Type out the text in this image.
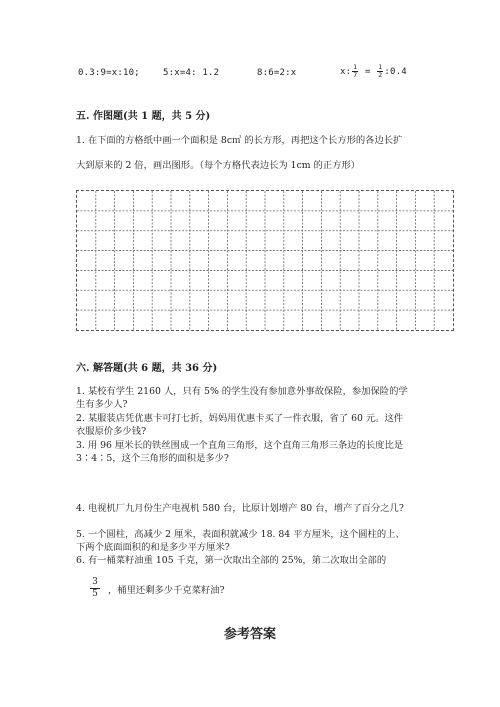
0.3:9=x:10;	5:x=4: 1.2	8:6=2:x	x: $\frac{1}{7} = \frac{1}{2}$ :0.4
五. 作图题(共 1 题，共 5 分)
1. 在下面的方格纸中画一个面积是 8c㎡ 的长方形，再把这个长方形的各边长扩
大到原来的 2 倍，画出图形。（每个方格代表边长为 1cm 的正方形）
六. 解答题(共 6 题，共 36 分)
1. 某校有学生 2160 人，只有 5% 的学生没有参加意外事故保险，参加保险的学
生有多少人?
2. 某服装店凭优惠卡可打七折，妈妈用优惠卡买了一件衣服，省了 60 元。这件
衣服原价多少钱?
3. 用 96 厘米长的铁丝围成一个直角三角形，这个直角三角形三条边的长度比是
3∶4∶5，这个三角形的面积是多少?
4. 电视机厂九月份生产电视机 580 台，比原计划增产 80 台，增产了百分之几?
5. 一个圆柱，高减少 2 厘米，表面积就减少 18. 84 平方厘米，这个圆柱的上、
下两个底面面积的和是多少平方厘米?
6. 有一桶菜籽油重 105 千克，第一次取出全部的 25%，第二次取出全部的
$\frac{3}{5}$ ，桶里还剩多少千克菜籽油?
参考答案
